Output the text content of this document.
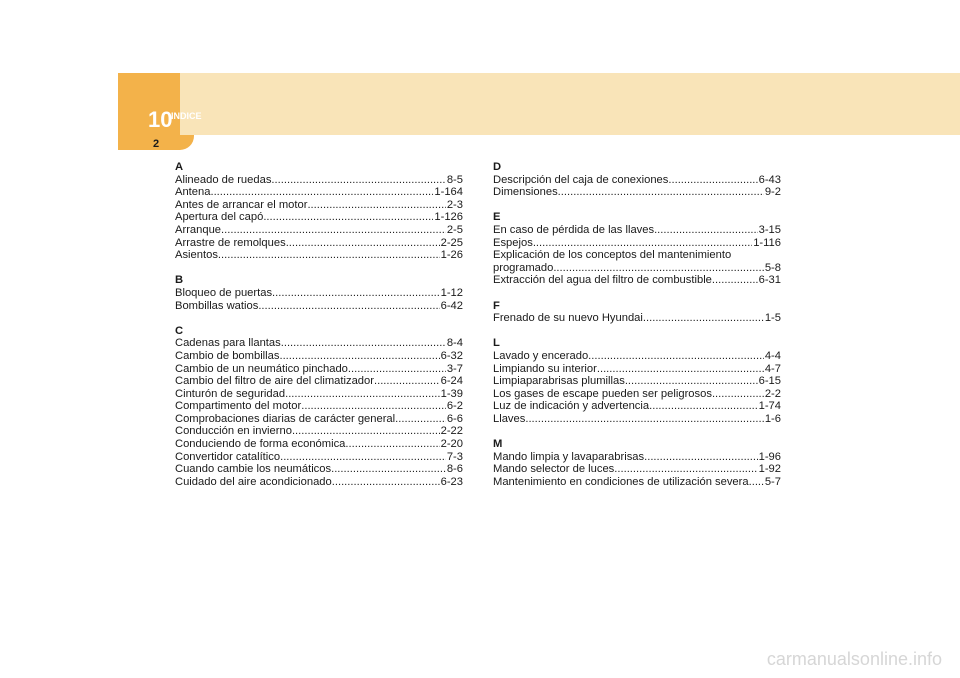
10
INDICE
2
A
Alineado de ruedas .....	8-5
Antena .....	1-164
Antes de arrancar el motor .....	2-3
Apertura del capó .....	1-126
Arranque .....	2-5
Arrastre de remolques .....	2-25
Asientos .....	1-26
B
Bloqueo de puertas .....	1-12
Bombillas watios .....	6-42
C
Cadenas para llantas .....	8-4
Cambio de bombillas .....	6-32
Cambio de un neumático pinchado .....	3-7
Cambio del filtro de aire del climatizador .....	6-24
Cinturón de seguridad .....	1-39
Compartimento del motor .....	6-2
Comprobaciones diarias de carácter general .....	6-6
Conducción en invierno .....	2-22
Conduciendo de forma económica .....	2-20
Convertidor catalítico .....	7-3
Cuando cambie los neumáticos .....	8-6
Cuidado del aire acondicionado .....	6-23
D
Descripción del caja de conexiones .....	6-43
Dimensiones .....	9-2
E
En caso de pérdida de las llaves .....	3-15
Espejos .....	1-116
Explicación de los conceptos del mantenimiento
programado .....	5-8
Extracción del agua del filtro de combustible .....	6-31
F
Frenado de su nuevo Hyundai .....	1-5
L
Lavado y encerado .....	4-4
Limpiando su interior .....	4-7
Limpiaparabrisas plumillas .....	6-15
Los gases de escape pueden ser peligrosos .....	2-2
Luz de indicación y advertencia .....	1-74
Llaves .....	1-6
M
Mando limpia y lavaparabrisas .....	1-96
Mando selector de luces .....	1-92
Mantenimiento en condiciones de utilización severa ..... 5-7
carmanualsonline.info
